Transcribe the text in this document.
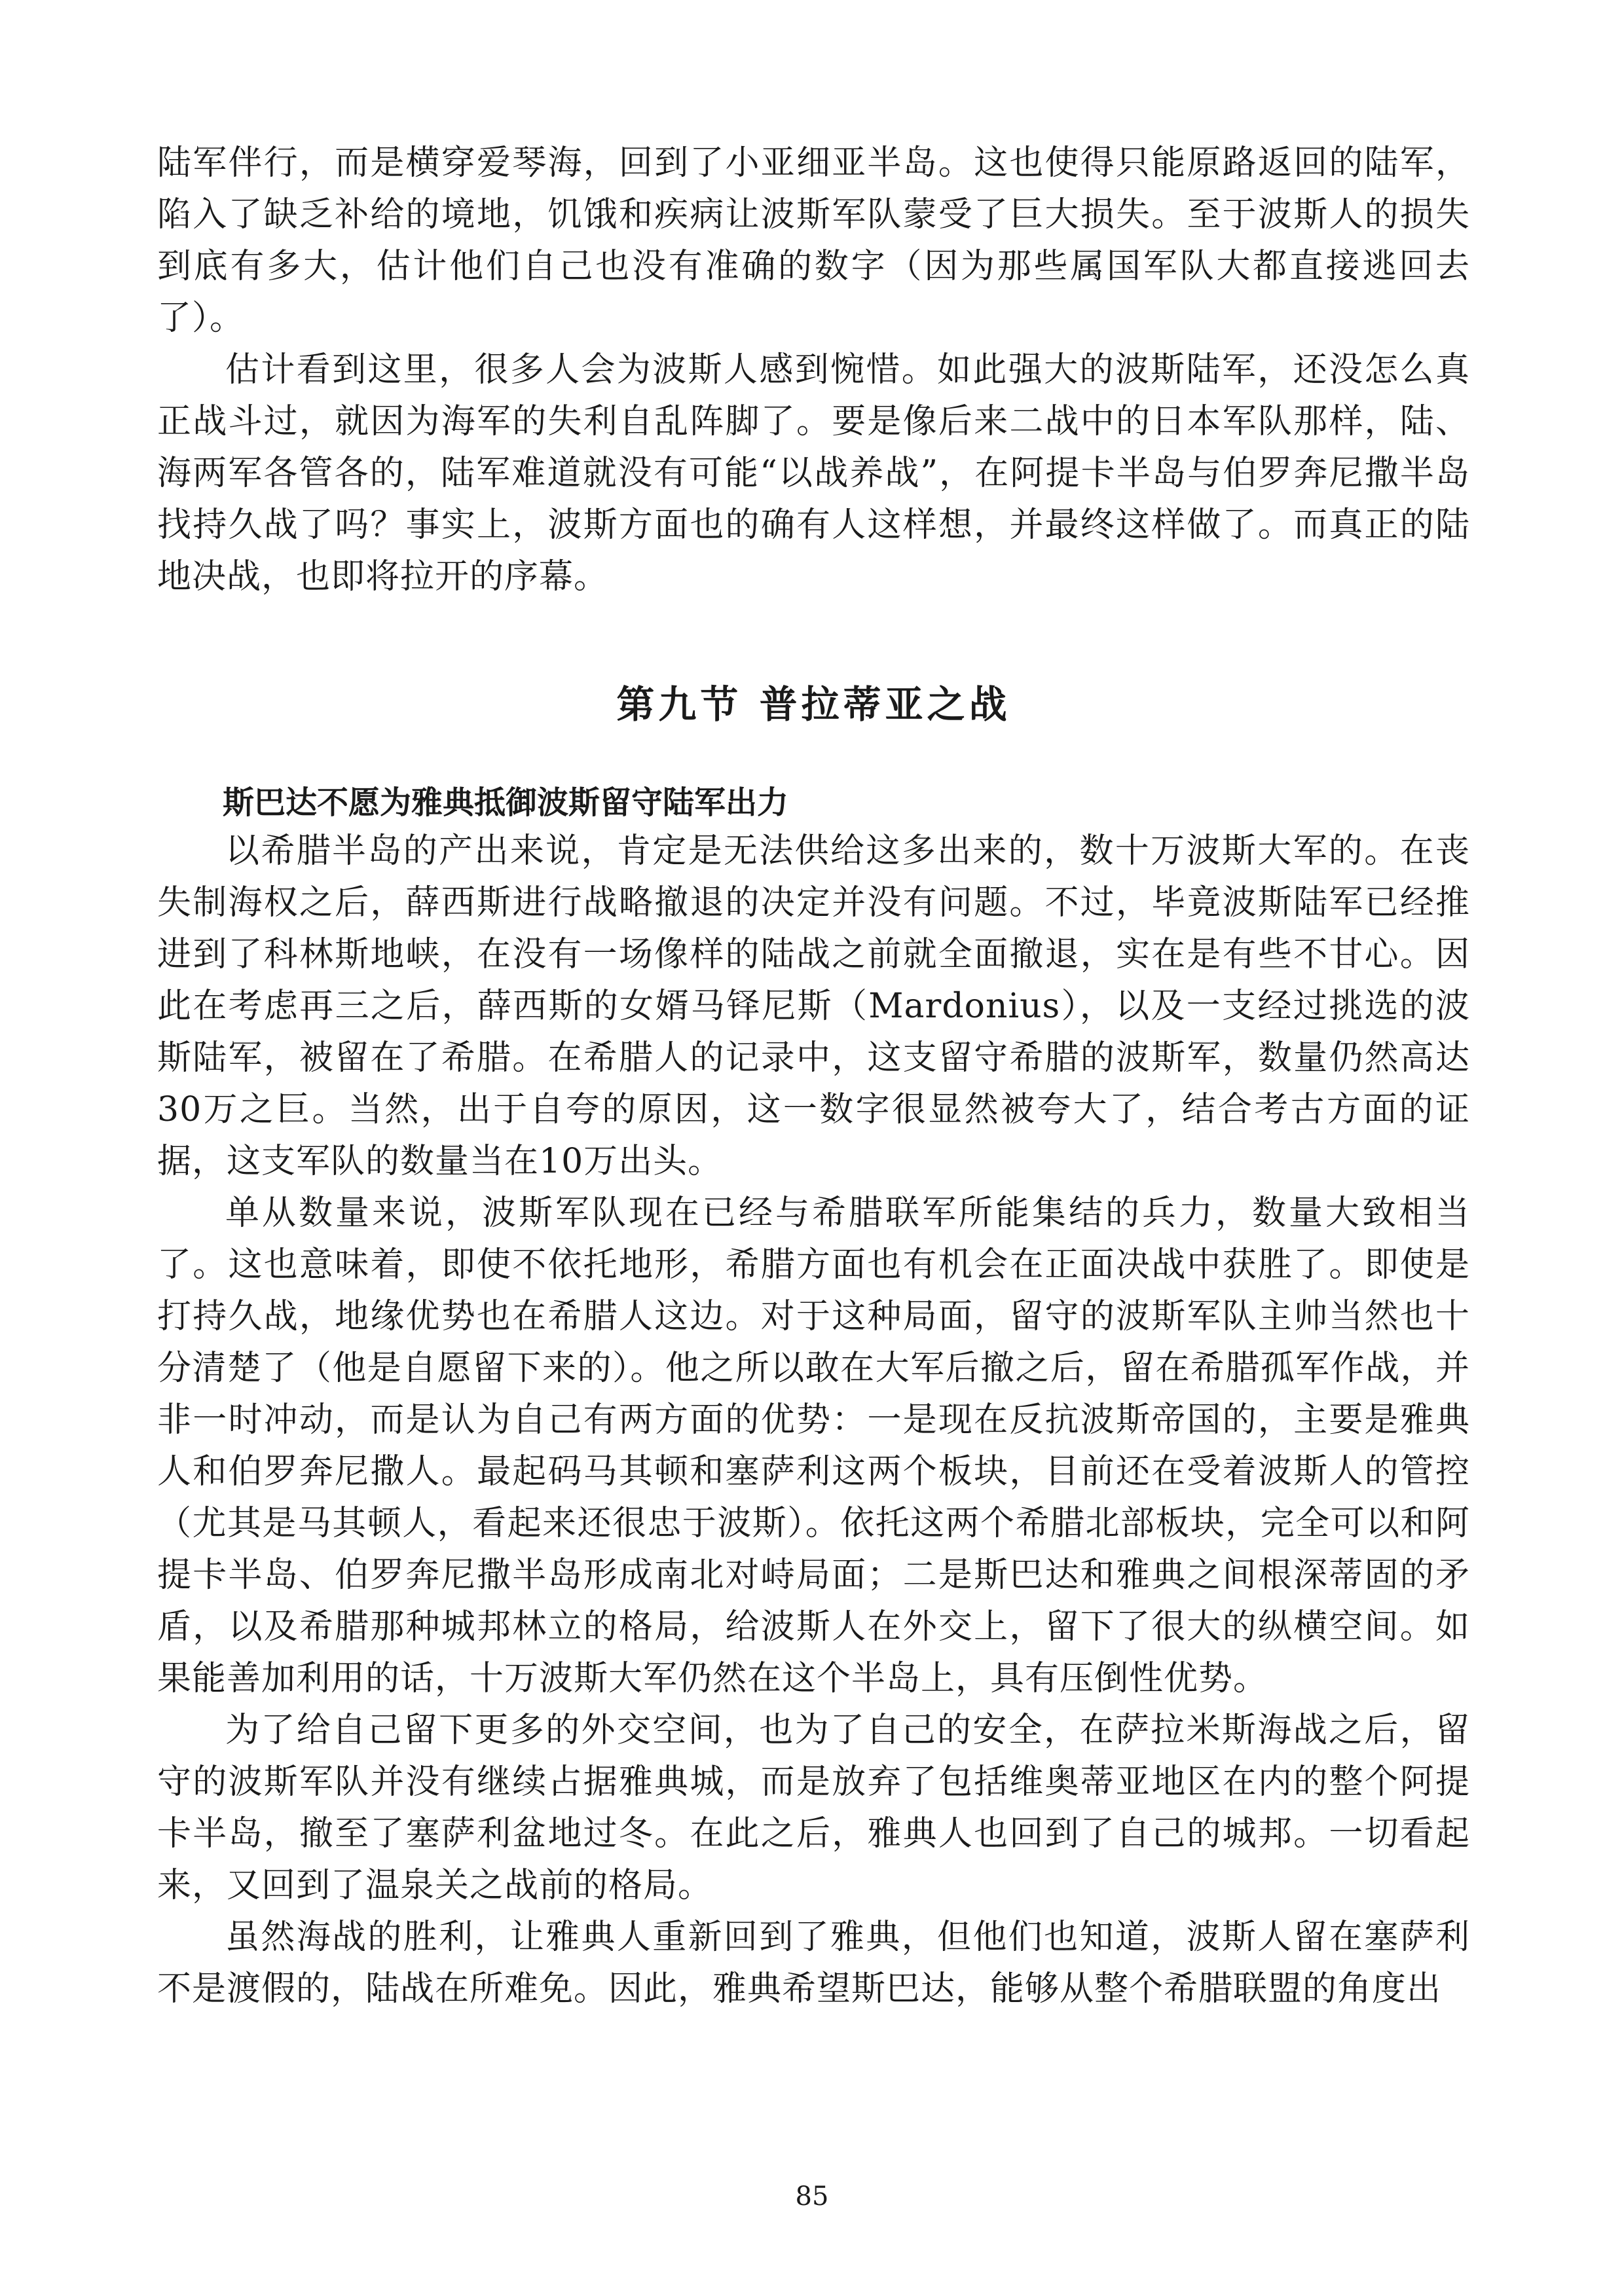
陆军伴行，而是横穿爱琴海，回到了小亚细亚半岛。这也使得只能原路返回的陆军，陷入了缺乏补给的境地，饥饿和疾病让波斯军队蒙受了巨大损失。至于波斯人的损失到底有多大，估计他们自己也没有准确的数字（因为那些属国军队大都直接逃回去了）。

估计看到这里，很多人会为波斯人感到惋惜。如此强大的波斯陆军，还没怎么真正战斗过，就因为海军的失利自乱阵脚了。要是像后来二战中的日本军队那样，陆、海两军各管各的，陆军难道就没有可能“以战养战”，在阿提卡半岛与伯罗奔尼撒半岛找持久战了吗？事实上，波斯方面也的确有人这样想，并最终这样做了。而真正的陆地决战，也即将拉开的序幕。

第九节 普拉蒂亚之战
斯巴达不愿为雅典抵御波斯留守陆军出力

以希腊半岛的产出来说，肯定是无法供给这多出来的，数十万波斯大军的。在丧失制海权之后，薛西斯进行战略撤退的决定并没有问题。不过，毕竟波斯陆军已经推进到了科林斯地峡，在没有一场像样的陆战之前就全面撤退，实在是有些不甘心。因此在考虑再三之后，薛西斯的女婿马铎尼斯（Mardonius），以及一支经过挑选的波斯陆军，被留在了希腊。在希腊人的记录中，这支留守希腊的波斯军，数量仍然高达30万之巨。当然，出于自夸的原因，这一数字很显然被夸大了，结合考古方面的证据，这支军队的数量当在10万出头。

单从数量来说，波斯军队现在已经与希腊联军所能集结的兵力，数量大致相当了。这也意味着，即使不依托地形，希腊方面也有机会在正面决战中获胜了。即使是打持久战，地缘优势也在希腊人这边。对于这种局面，留守的波斯军队主帅当然也十分清楚了（他是自愿留下来的）。他之所以敢在大军后撤之后，留在希腊孤军作战，并非一时冲动，而是认为自己有两方面的优势：一是现在反抗波斯帝国的，主要是雅典人和伯罗奔尼撒人。最起码马其顿和塞萨利这两个板块，目前还在受着波斯人的管控（尤其是马其顿人，看起来还很忠于波斯）。依托这两个希腊北部板块，完全可以和阿提卡半岛、伯罗奔尼撒半岛形成南北对峙局面；二是斯巴达和雅典之间根深蒂固的矛盾，以及希腊那种城邦林立的格局，给波斯人在外交上，留下了很大的纵横空间。如果能善加利用的话，十万波斯大军仍然在这个半岛上，具有压倒性优势。

为了给自己留下更多的外交空间，也为了自己的安全，在萨拉米斯海战之后，留守的波斯军队并没有继续占据雅典城，而是放弃了包括维奥蒂亚地区在内的整个阿提卡半岛，撤至了塞萨利盆地过冬。在此之后，雅典人也回到了自己的城邦。一切看起来，又回到了温泉关之战前的格局。

虽然海战的胜利，让雅典人重新回到了雅典，但他们也知道，波斯人留在塞萨利不是渡假的，陆战在所难免。因此，雅典希望斯巴达，能够从整个希腊联盟的角度出

85
